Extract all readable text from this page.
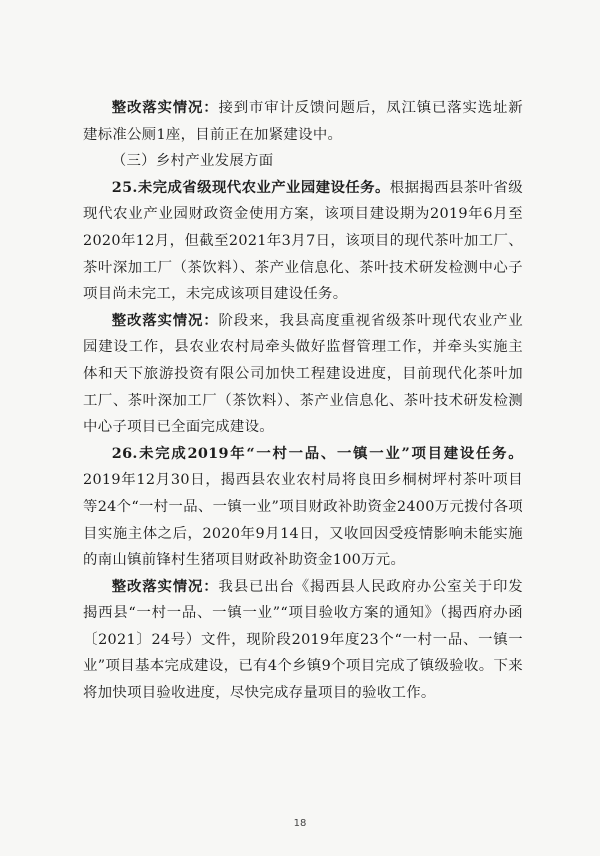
整改落实情况：接到市审计反馈问题后，凤江镇已落实选址新建标准公厕1座，目前正在加紧建设中。

（三）乡村产业发展方面

25.未完成省级现代农业产业园建设任务。根据揭西县茶叶省级现代农业产业园财政资金使用方案，该项目建设期为2019年6月至2020年12月，但截至2021年3月7日，该项目的现代茶叶加工厂、茶叶深加工厂（茶饮料）、茶产业信息化、茶叶技术研发检测中心子项目尚未完工，未完成该项目建设任务。

整改落实情况：阶段来，我县高度重视省级茶叶现代农业产业园建设工作，县农业农村局牵头做好监督管理工作，并牵头实施主体和天下旅游投资有限公司加快工程建设进度，目前现代化茶叶加工厂、茶叶深加工厂（茶饮料）、茶产业信息化、茶叶技术研发检测中心子项目已全面完成建设。

26.未完成2019年“一村一品、一镇一业”项目建设任务。2019年12月30日，揭西县农业农村局将良田乡桐树坪村茶叶项目等24个“一村一品、一镇一业”项目财政补助资金2400万元拨付各项目实施主体之后，2020年9月14日，又收回因受疫情影响未能实施的南山镇前锋村生猪项目财政补助资金100万元。

整改落实情况：我县已出台《揭西县人民政府办公室关于印发揭西县“一村一品、一镇一业”“项目验收方案的通知》（揭西府办函〔2021〕24号）文件，现阶段2019年度23个“一村一品、一镇一业”项目基本完成建设，已有4个乡镇9个项目完成了镇级验收。下来将加快项目验收进度，尽快完成存量项目的验收工作。

18
